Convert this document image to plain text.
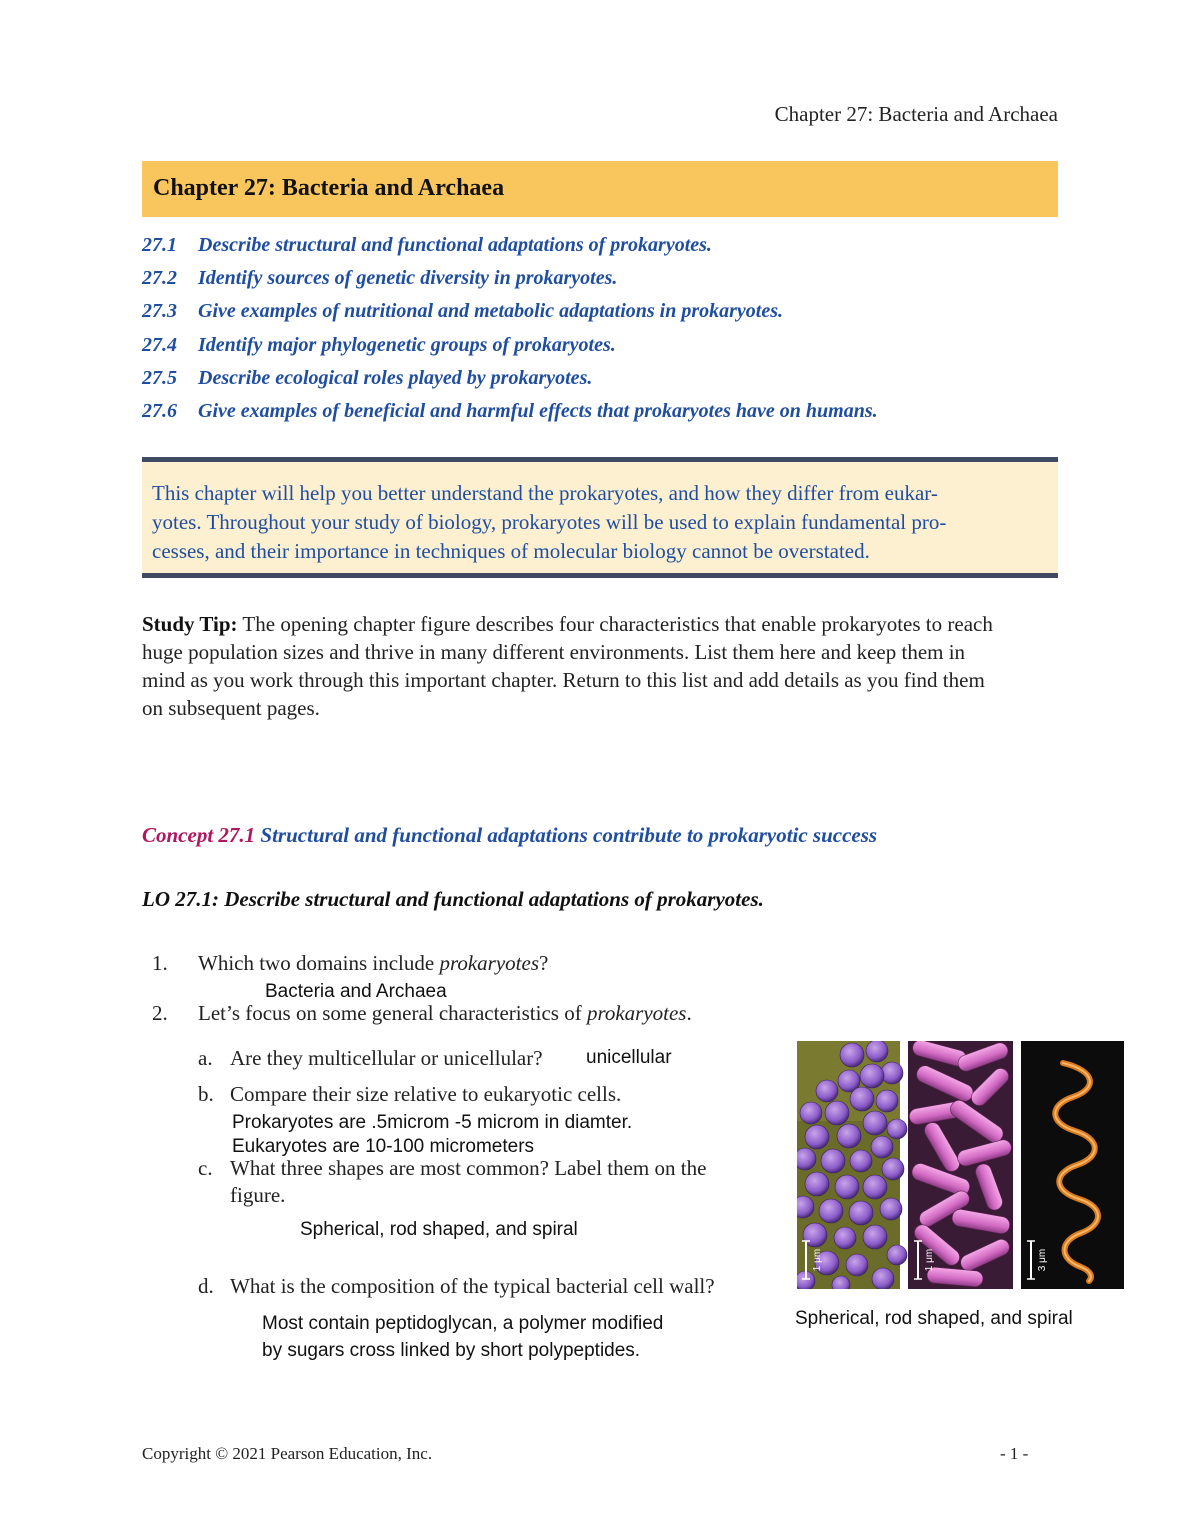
Chapter 27: Bacteria and Archaea
Chapter 27: Bacteria and Archaea
27.1 Describe structural and functional adaptations of prokaryotes.
27.2 Identify sources of genetic diversity in prokaryotes.
27.3 Give examples of nutritional and metabolic adaptations in prokaryotes.
27.4 Identify major phylogenetic groups of prokaryotes.
27.5 Describe ecological roles played by prokaryotes.
27.6 Give examples of beneficial and harmful effects that prokaryotes have on humans.
This chapter will help you better understand the prokaryotes, and how they differ from eukar-
yotes. Throughout your study of biology, prokaryotes will be used to explain fundamental pro-
cesses, and their importance in techniques of molecular biology cannot be overstated.
Study Tip: The opening chapter figure describes four characteristics that enable prokaryotes to reach
huge population sizes and thrive in many different environments. List them here and keep them in
mind as you work through this important chapter. Return to this list and add details as you find them
on subsequent pages.
Concept 27.1 Structural and functional adaptations contribute to prokaryotic success
LO 27.1: Describe structural and functional adaptations of prokaryotes.
1. Which two domains include prokaryotes?
Bacteria and Archaea
2. Let’s focus on some general characteristics of prokaryotes.
a. Are they multicellular or unicellular? unicellular
b. Compare their size relative to eukaryotic cells.
Prokaryotes are .5microm -5 microm in diamter.
Eukaryotes are 10-100 micrometers
c. What three shapes are most common? Label them on the
figure.
Spherical, rod shaped, and spiral
d. What is the composition of the typical bacterial cell wall?
Most contain peptidoglycan, a polymer modified
by sugars cross linked by short polypeptides.
1 μm	1 μm	3 μm
Spherical, rod shaped, and spiral
Copyright © 2021 Pearson Education, Inc.	- 1 -
